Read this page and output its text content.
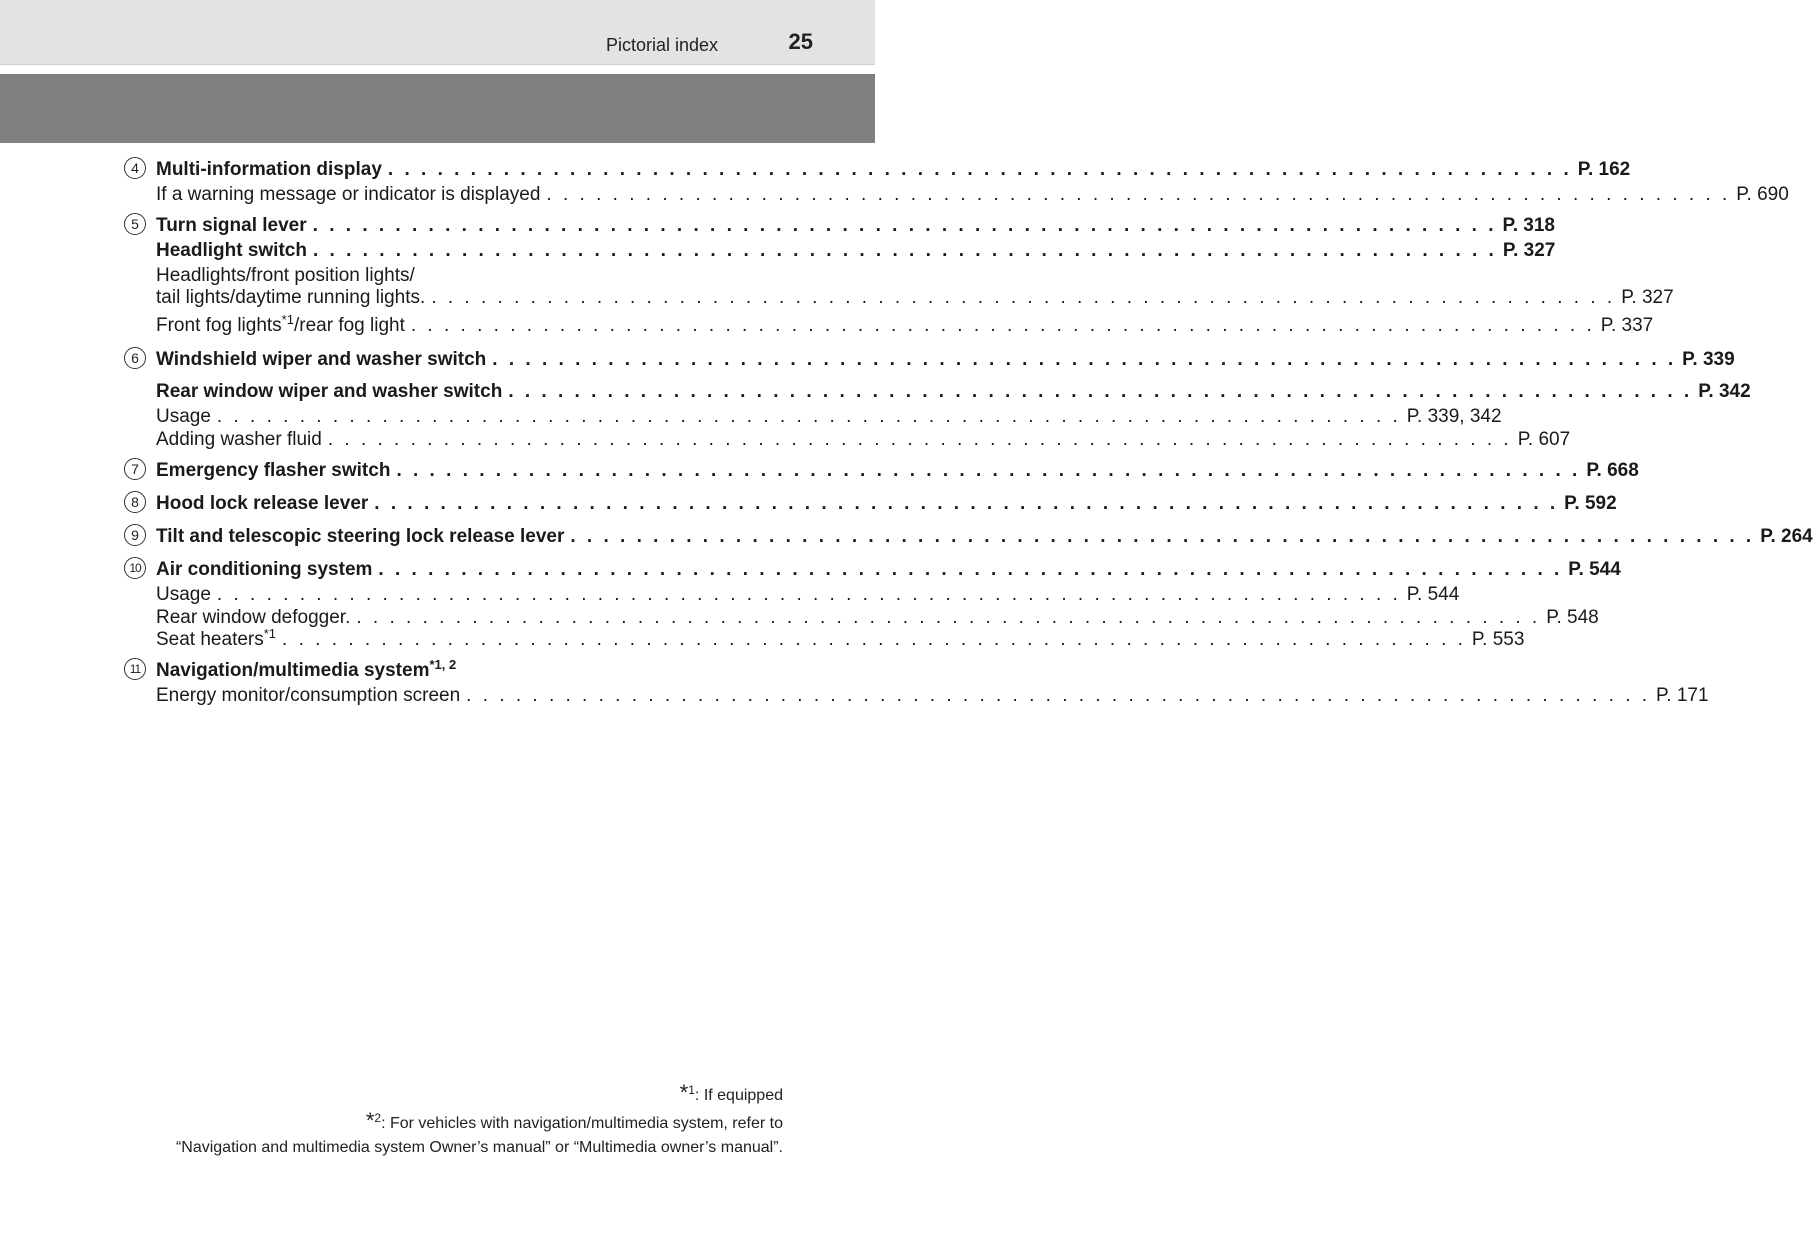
Pictorial index	25
4 Multi-information display . . . . . . . . . . . . . . . . . . . . . . . . . . . . . . . . . . . . . . . . . . . . . . . . . . . . . . . . . . . . . . . . . . . . . . . . P. 162
If a warning message or indicator is displayed . . . . . . . . . . . . . . . . . . . . . . . . . . . . . . . . . . . . . . . . . . . . . . . . . . . . . . . . . . . . . . . . . . . . . . . . P. 690
5 Turn signal lever . . . . . . . . . . . . . . . . . . . . . . . . . . . . . . . . . . . . . . . . . . . . . . . . . . . . . . . . . . . . . . . . . . . . . . . . P. 318
Headlight switch . . . . . . . . . . . . . . . . . . . . . . . . . . . . . . . . . . . . . . . . . . . . . . . . . . . . . . . . . . . . . . . . . . . . . . . . P. 327
Headlights/front position lights/
tail lights/daytime running lights. . . . . . . . . . . . . . . . . . . . . . . . . . . . . . . . . . . . . . . . . . . . . . . . . . . . . . . . . . . . . . . . . . . . . . . . . P. 327
Front fog lights$^{*1}$/rear fog light . . . . . . . . . . . . . . . . . . . . . . . . . . . . . . . . . . . . . . . . . . . . . . . . . . . . . . . . . . . . . . . . . . . . . . . . P. 337
6 Windshield wiper and washer switch . . . . . . . . . . . . . . . . . . . . . . . . . . . . . . . . . . . . . . . . . . . . . . . . . . . . . . . . . . . . . . . . . . . . . . . . P. 339
Rear window wiper and washer switch . . . . . . . . . . . . . . . . . . . . . . . . . . . . . . . . . . . . . . . . . . . . . . . . . . . . . . . . . . . . . . . . . . . . . . . . P. 342
Usage . . . . . . . . . . . . . . . . . . . . . . . . . . . . . . . . . . . . . . . . . . . . . . . . . . . . . . . . . . . . . . . . . . . . . . . . P. 339, 342
Adding washer fluid . . . . . . . . . . . . . . . . . . . . . . . . . . . . . . . . . . . . . . . . . . . . . . . . . . . . . . . . . . . . . . . . . . . . . . . . P. 607
7 Emergency flasher switch . . . . . . . . . . . . . . . . . . . . . . . . . . . . . . . . . . . . . . . . . . . . . . . . . . . . . . . . . . . . . . . . . . . . . . . . P. 668
8 Hood lock release lever . . . . . . . . . . . . . . . . . . . . . . . . . . . . . . . . . . . . . . . . . . . . . . . . . . . . . . . . . . . . . . . . . . . . . . . . P. 592
9 Tilt and telescopic steering lock release lever . . . . . . . . . . . . . . . . . . . . . . . . . . . . . . . . . . . . . . . . . . . . . . . . . . . . . . . . . . . . . . . . . . . . . . . . P. 264
10 Air conditioning system . . . . . . . . . . . . . . . . . . . . . . . . . . . . . . . . . . . . . . . . . . . . . . . . . . . . . . . . . . . . . . . . . . . . . . . . P. 544
Usage . . . . . . . . . . . . . . . . . . . . . . . . . . . . . . . . . . . . . . . . . . . . . . . . . . . . . . . . . . . . . . . . . . . . . . . . P. 544
Rear window defogger. . . . . . . . . . . . . . . . . . . . . . . . . . . . . . . . . . . . . . . . . . . . . . . . . . . . . . . . . . . . . . . . . . . . . . . . . P. 548
Seat heaters$^{*1}$ . . . . . . . . . . . . . . . . . . . . . . . . . . . . . . . . . . . . . . . . . . . . . . . . . . . . . . . . . . . . . . . . . . . . . . . . P. 553
11 Navigation/multimedia system$^{*1, 2}$
Energy monitor/consumption screen . . . . . . . . . . . . . . . . . . . . . . . . . . . . . . . . . . . . . . . . . . . . . . . . . . . . . . . . . . . . . . . . . . . . . . . . P. 171
*$^1$: If equipped
*$^2$: For vehicles with navigation/multimedia system, refer to
“Navigation and multimedia system Owner’s manual” or “Multimedia owner’s manual”.
